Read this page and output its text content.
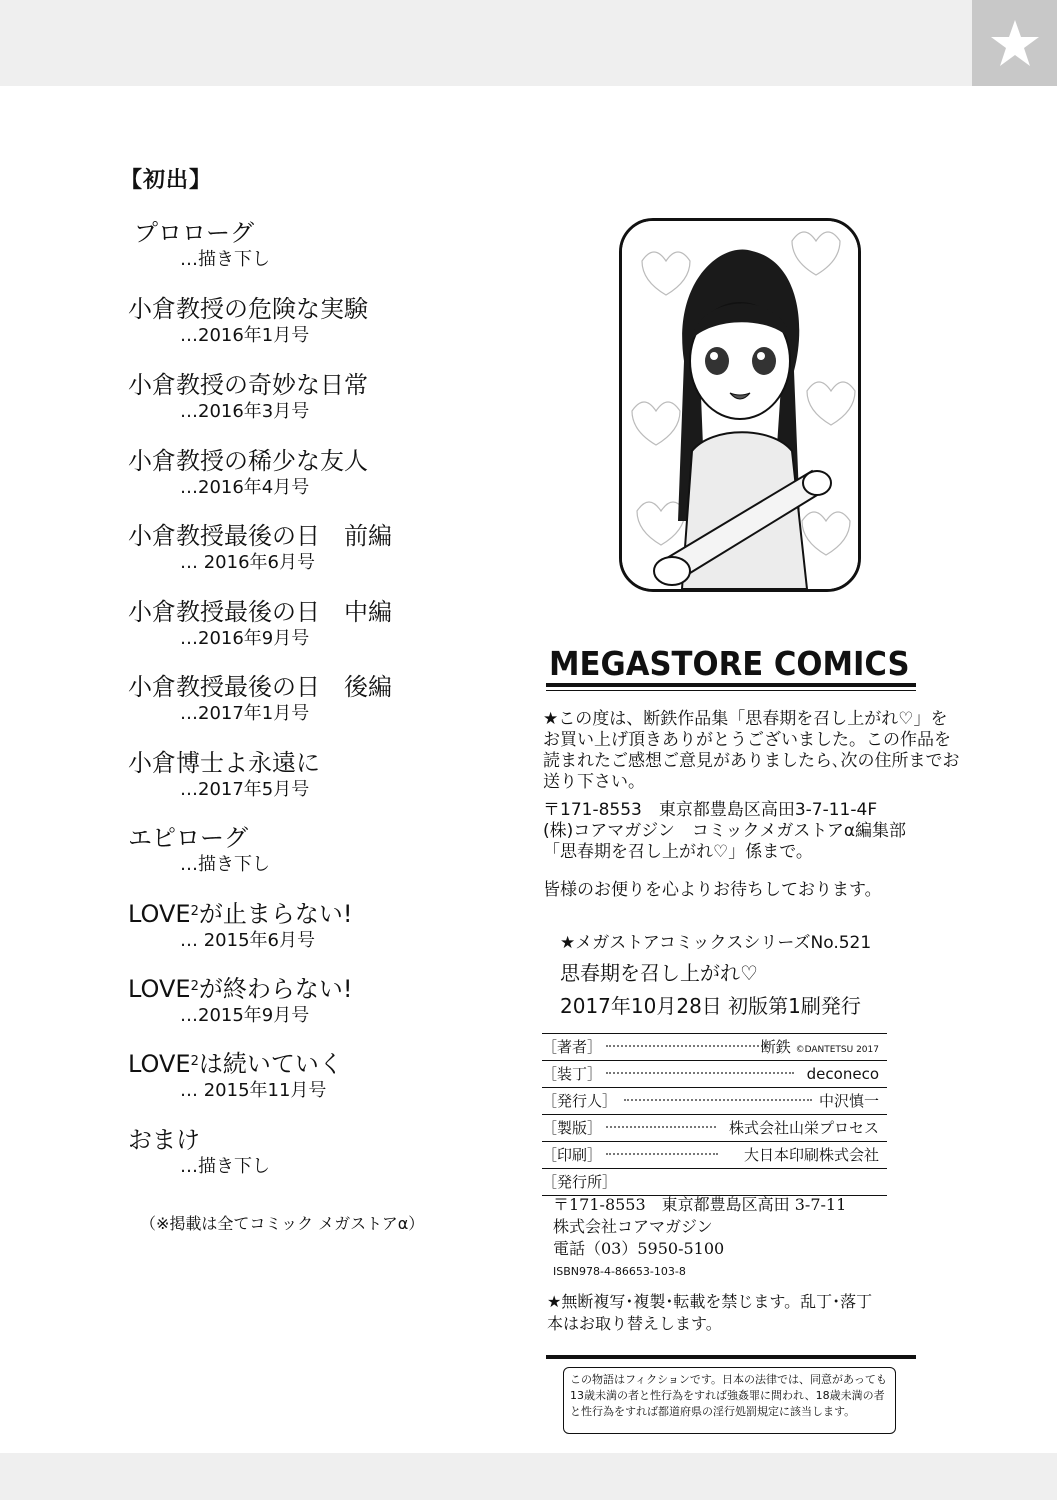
【初出】
プロローグ
…描き下し
小倉教授の危険な実験
…2016年1月号
小倉教授の奇妙な日常
…2016年3月号
小倉教授の稀少な友人
…2016年4月号
小倉教授最後の日　前編
… 2016年6月号
小倉教授最後の日　中編
…2016年9月号
小倉教授最後の日　後編
…2017年1月号
小倉博士よ永遠に
…2017年5月号
エピローグ
…描き下し
LOVE$^2$が止まらない!
… 2015年6月号
LOVE$^2$が終わらない!
…2015年9月号
LOVE$^2$は続いていく
… 2015年11月号
おまけ
…描き下し
（※掲載は全てコミック メガストアα）
MEGASTORE COMICS
★この度は、断鉄作品集「思春期を召し上がれ♡」を
お買い上げ頂きありがとうございました。この作品を
読まれたご感想ご意見がありましたら､次の住所までお
送り下さい。
〒171-8553　東京都豊島区高田3-7-11-4F
(株)コアマガジン　コミックメガストアα編集部
「思春期を召し上がれ♡」係まで。
皆様のお便りを心よりお待ちしております。
★メガストアコミックスシリーズNo.521
思春期を召し上がれ♡
2017年10月28日 初版第1刷発行
［著者］	断鉄 ©DANTETSU 2017
［装丁］	deconeco
［発行人］	中沢慎一
［製版］	株式会社山栄プロセス
［印刷］	大日本印刷株式会社
［発行所］
〒171-8553　東京都豊島区高田 3-7-11
株式会社コアマガジン
電話（03）5950-5100
ISBN978-4-86653-103-8
★無断複写･複製･転載を禁じます。乱丁･落丁
本はお取り替えします。
この物語はフィクションです。日本の法律では、同意があっても
13歳未満の者と性行為をすれば強姦罪に問われ、18歳未満の者
と性行為をすれば都道府県の淫行処罰規定に該当します。
